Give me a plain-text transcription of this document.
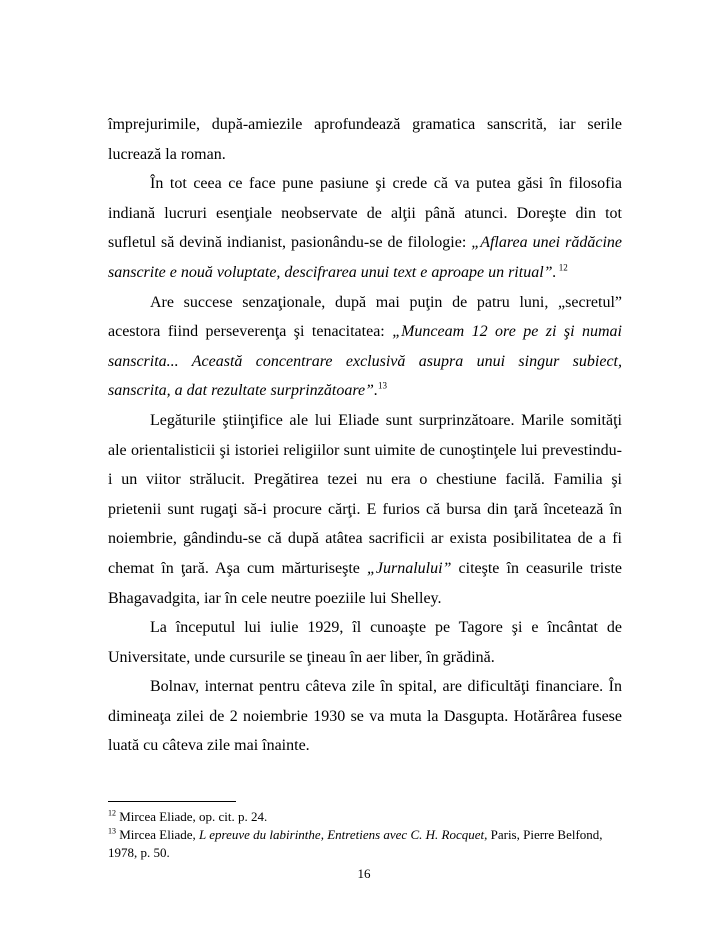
împrejurimile, după-amiezile aprofundează gramatica sanscrită, iar serile lucrează la roman.

În tot ceea ce face pune pasiune şi crede că va putea găsi în filosofia indiană lucruri esenţiale neobservate de alţii până atunci. Doreşte din tot sufletul să devină indianist, pasionându-se de filologie: „Aflarea unei rădăcine sanscrite e nouă voluptate, descifrarea unui text e aproape un ritual”. $^{12}$

Are succese senzaţionale, după mai puţin de patru luni, „secretul” acestora fiind perseverenţa şi tenacitatea: „Munceam 12 ore pe zi şi numai sanscrita... Această concentrare exclusivă asupra unui singur subiect, sanscrita, a dat rezultate surprinzătoare”.$^{13}$

Legăturile ştiinţifice ale lui Eliade sunt surprinzătoare. Marile somităţi ale orientalisticii şi istoriei religiilor sunt uimite de cunoştinţele lui prevestindu-i un viitor strălucit. Pregătirea tezei nu era o chestiune facilă. Familia şi prietenii sunt rugaţi să-i procure cărţi. E furios că bursa din ţară încetează în noiembrie, gândindu-se că după atâtea sacrificii ar exista posibilitatea de a fi chemat în ţară. Aşa cum mărturiseşte „Jurnalului” citeşte în ceasurile triste Bhagavadgita, iar în cele neutre poeziile lui Shelley.

La începutul lui iulie 1929, îl cunoaşte pe Tagore şi e încântat de Universitate, unde cursurile se ţineau în aer liber, în grădină.

Bolnav, internat pentru câteva zile în spital, are dificultăţi financiare. În dimineaţa zilei de 2 noiembrie 1930 se va muta la Dasgupta. Hotărârea fusese luată cu câteva zile mai înainte.

$^{12}$ Mircea Eliade, op. cit. p. 24.
$^{13}$ Mircea Eliade, L epreuve du labirinthe, Entretiens avec C. H. Rocquet, Paris, Pierre Belfond, 1978, p. 50.
16
